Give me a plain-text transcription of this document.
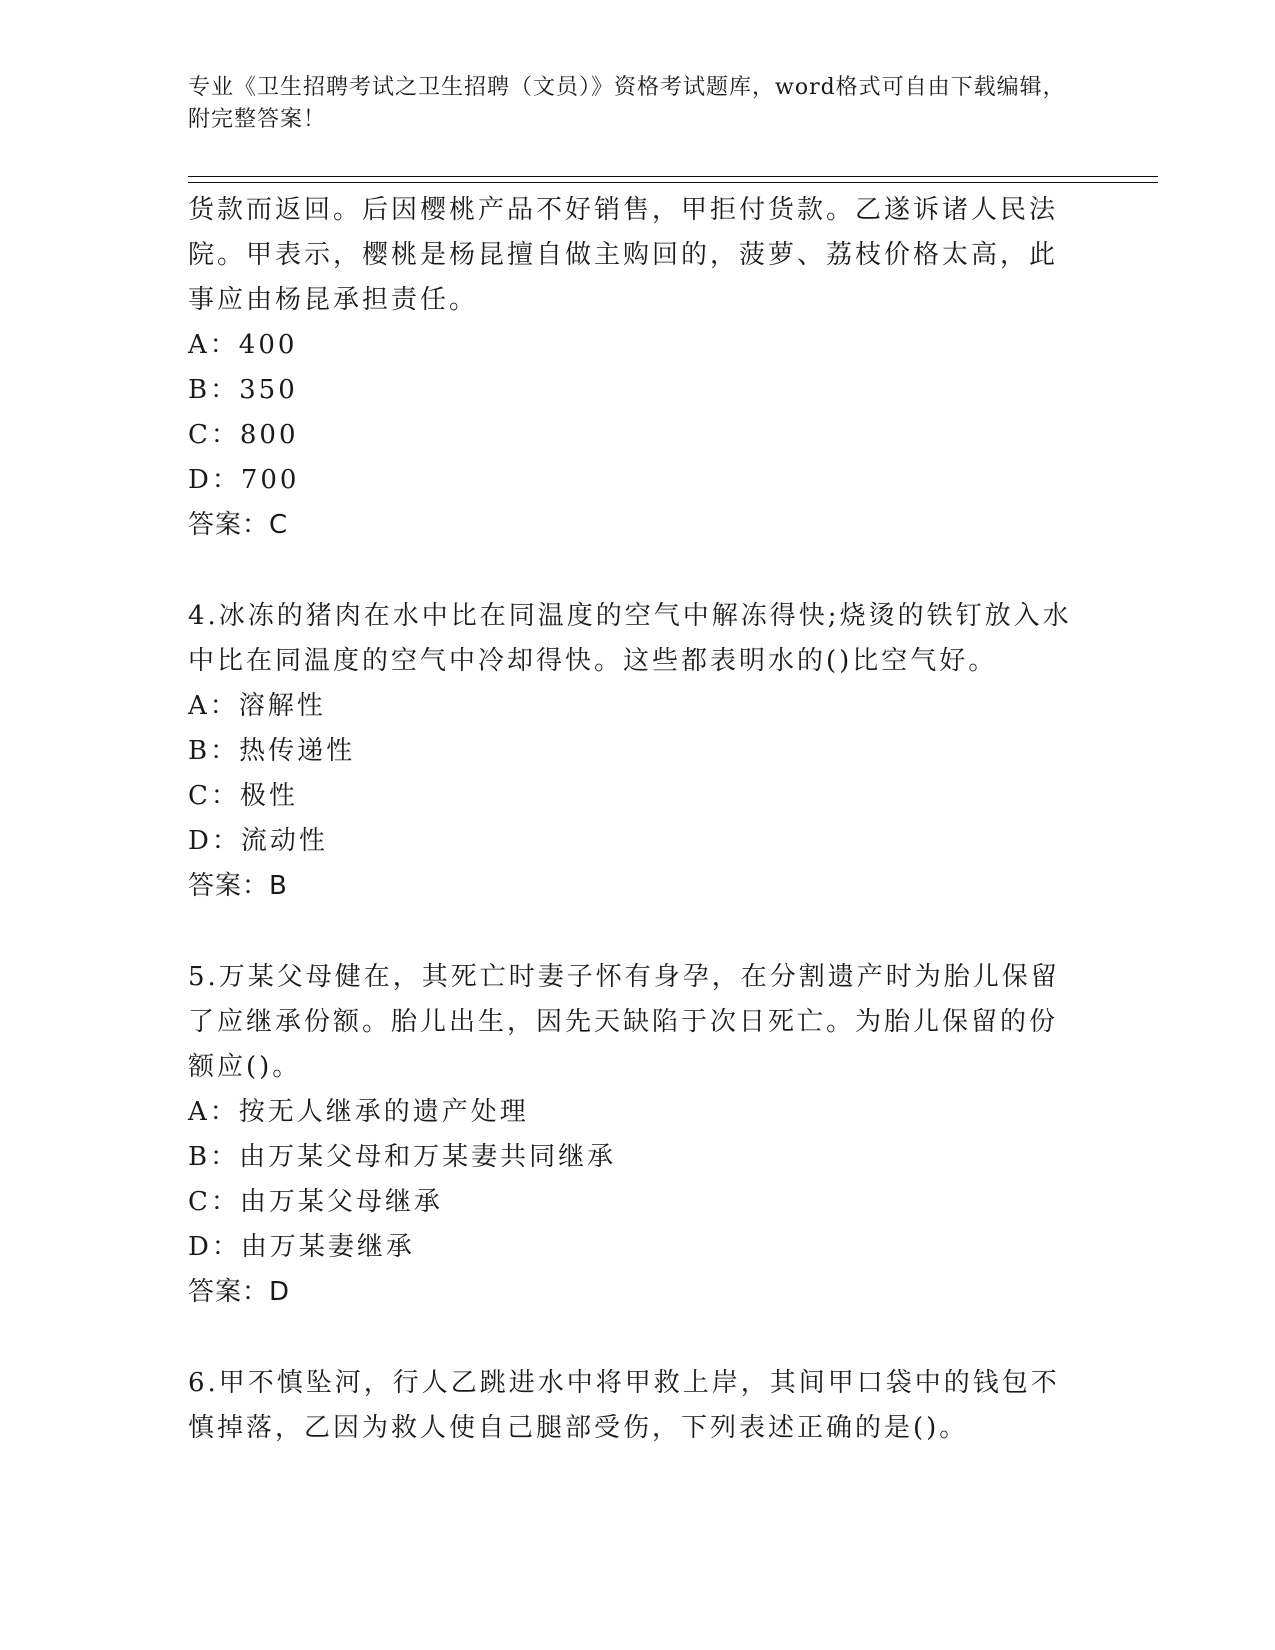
专业《卫生招聘考试之卫生招聘（文员）》资格考试题库，word格式可自由下载编辑，附完整答案！

货款而返回。后因樱桃产品不好销售，甲拒付货款。乙遂诉诸人民法院。甲表示，樱桃是杨昆擅自做主购回的，菠萝、荔枝价格太高，此事应由杨昆承担责任。

A：400

B：350

C：800

D：700

答案：C

4.冰冻的猪肉在水中比在同温度的空气中解冻得快;烧烫的铁钉放入水中比在同温度的空气中冷却得快。这些都表明水的()比空气好。

A：溶解性

B：热传递性

C：极性

D：流动性

答案：B

5.万某父母健在，其死亡时妻子怀有身孕，在分割遗产时为胎儿保留了应继承份额。胎儿出生，因先天缺陷于次日死亡。为胎儿保留的份额应()。

A：按无人继承的遗产处理

B：由万某父母和万某妻共同继承

C：由万某父母继承

D：由万某妻继承

答案：D

6.甲不慎坠河，行人乙跳进水中将甲救上岸，其间甲口袋中的钱包不慎掉落，乙因为救人使自己腿部受伤，下列表述正确的是()。
